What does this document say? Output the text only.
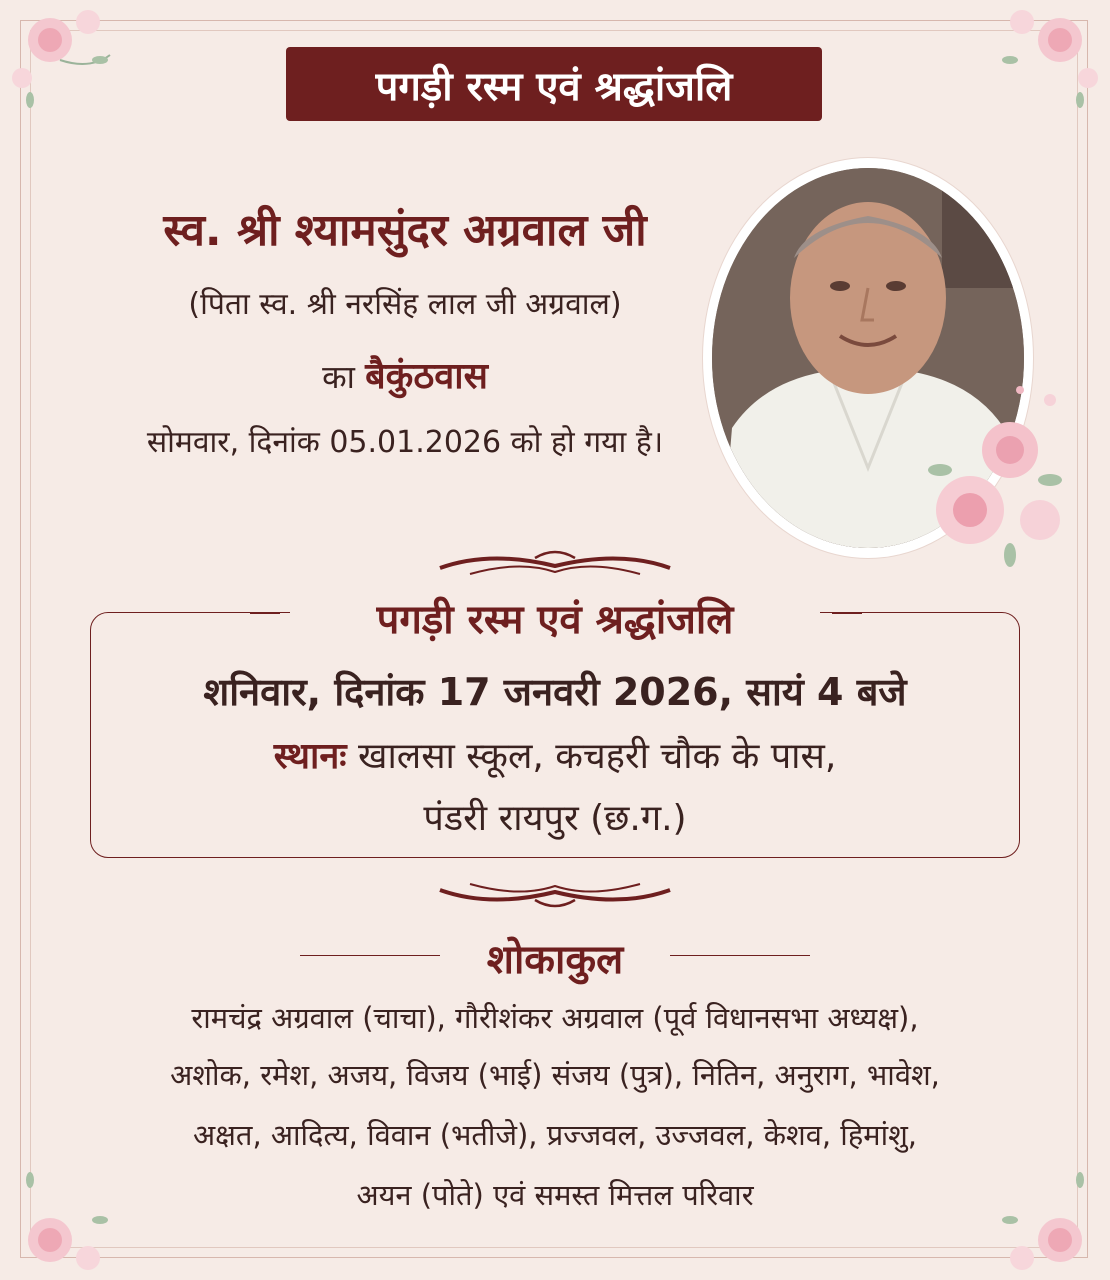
पगड़ी रस्म एवं श्रद्धांजलि
स्व. श्री श्यामसुंदर अग्रवाल जी
(पिता स्व. श्री नरसिंह लाल जी अग्रवाल)
का बैकुंठवास
सोमवार, दिनांक 05.01.2026 को हो गया है।
पगड़ी रस्म एवं श्रद्धांजलि
शनिवार, दिनांक 17 जनवरी 2026, सायं 4 बजे
स्थानः खालसा स्कूल, कचहरी चौक के पास,
पंडरी रायपुर (छ.ग.)
शोकाकुल
रामचंद्र अग्रवाल (चाचा), गौरीशंकर अग्रवाल (पूर्व विधानसभा अध्यक्ष),
अशोक, रमेश, अजय, विजय (भाई) संजय (पुत्र), नितिन, अनुराग, भावेश,
अक्षत, आदित्य, विवान (भतीजे), प्रज्जवल, उज्जवल, केशव, हिमांशु,
अयन (पोते) एवं समस्त मित्तल परिवार
